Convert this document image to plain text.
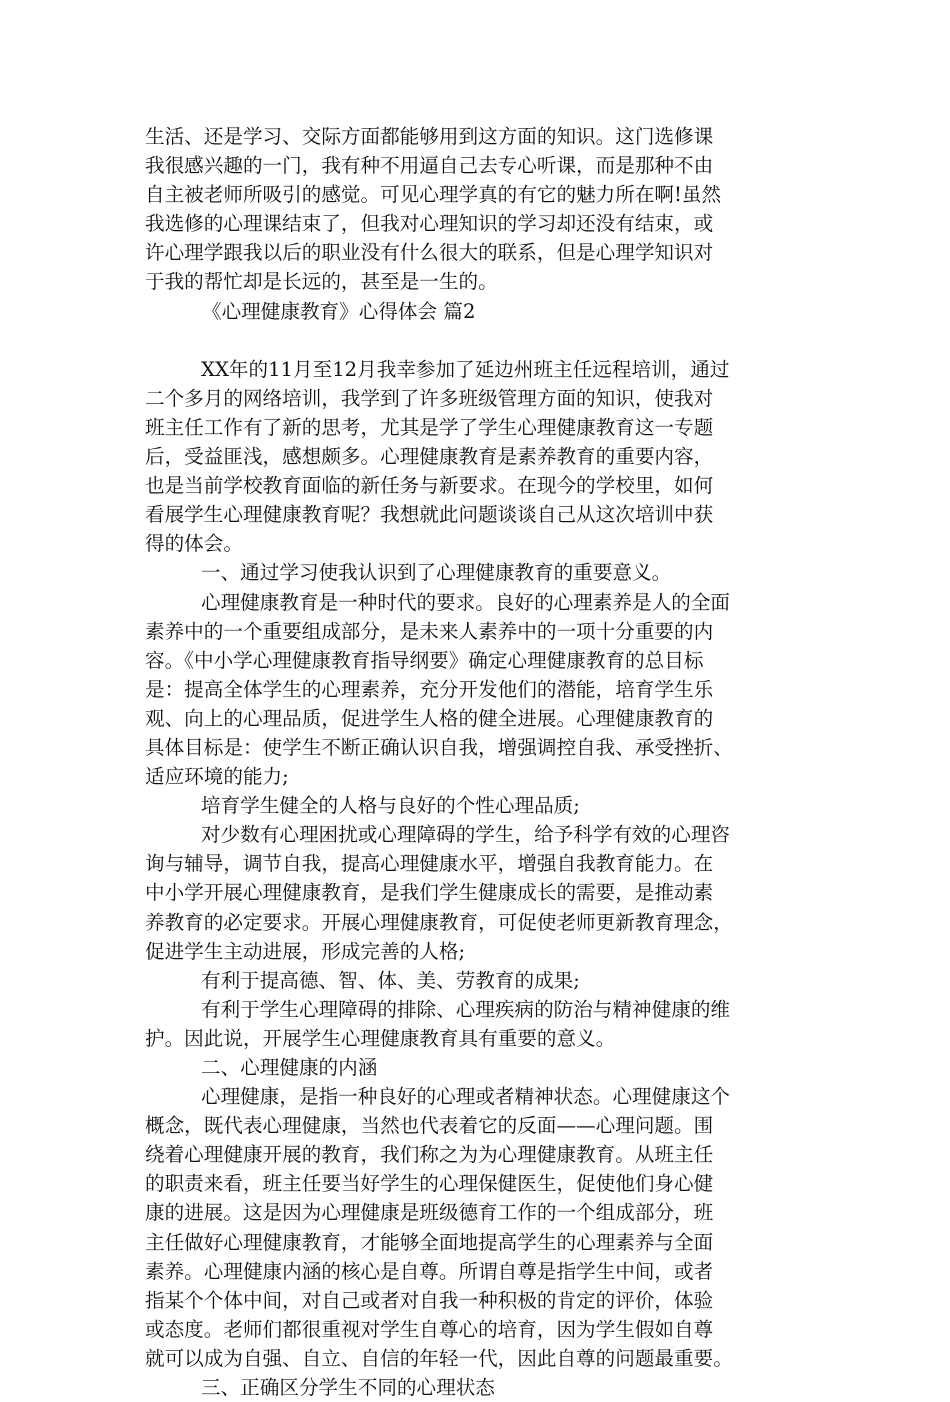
生活、还是学习、交际方面都能够用到这方面的知识。这门选修课
我很感兴趣的一门，我有种不用逼自己去专心听课，而是那种不由
自主被老师所吸引的感觉。可见心理学真的有它的魅力所在啊!虽然
我选修的心理课结束了，但我对心理知识的学习却还没有结束，或
许心理学跟我以后的职业没有什么很大的联系，但是心理学知识对
于我的帮忙却是长远的，甚至是一生的。
《心理健康教育》心得体会 篇2
XX年的11月至12月我幸参加了延边州班主任远程培训，通过
二个多月的网络培训，我学到了许多班级管理方面的知识，使我对
班主任工作有了新的思考，尤其是学了学生心理健康教育这一专题
后，受益匪浅，感想颇多。心理健康教育是素养教育的重要内容，
也是当前学校教育面临的新任务与新要求。在现今的学校里，如何
看展学生心理健康教育呢？我想就此问题谈谈自己从这次培训中获
得的体会。
一、通过学习使我认识到了心理健康教育的重要意义。
心理健康教育是一种时代的要求。良好的心理素养是人的全面
素养中的一个重要组成部分，是未来人素养中的一项十分重要的内
容。《中小学心理健康教育指导纲要》确定心理健康教育的总目标
是：提高全体学生的心理素养，充分开发他们的潜能，培育学生乐
观、向上的心理品质，促进学生人格的健全进展。心理健康教育的
具体目标是：使学生不断正确认识自我，增强调控自我、承受挫折、
适应环境的能力;
培育学生健全的人格与良好的个性心理品质;
对少数有心理困扰或心理障碍的学生，给予科学有效的心理咨
询与辅导，调节自我，提高心理健康水平，增强自我教育能力。在
中小学开展心理健康教育，是我们学生健康成长的需要，是推动素
养教育的必定要求。开展心理健康教育，可促使老师更新教育理念，
促进学生主动进展，形成完善的人格;
有利于提高德、智、体、美、劳教育的成果;
有利于学生心理障碍的排除、心理疾病的防治与精神健康的维
护。因此说，开展学生心理健康教育具有重要的意义。
二、心理健康的内涵
心理健康，是指一种良好的心理或者精神状态。心理健康这个
概念，既代表心理健康，当然也代表着它的反面——心理问题。围
绕着心理健康开展的教育，我们称之为为心理健康教育。从班主任
的职责来看，班主任要当好学生的心理保健医生，促使他们身心健
康的进展。这是因为心理健康是班级德育工作的一个组成部分，班
主任做好心理健康教育，才能够全面地提高学生的心理素养与全面
素养。心理健康内涵的核心是自尊。所谓自尊是指学生中间，或者
指某个个体中间，对自己或者对自我一种积极的肯定的评价，体验
或态度。老师们都很重视对学生自尊心的培育，因为学生假如自尊
就可以成为自强、自立、自信的年轻一代，因此自尊的问题最重要。
三、正确区分学生不同的心理状态
